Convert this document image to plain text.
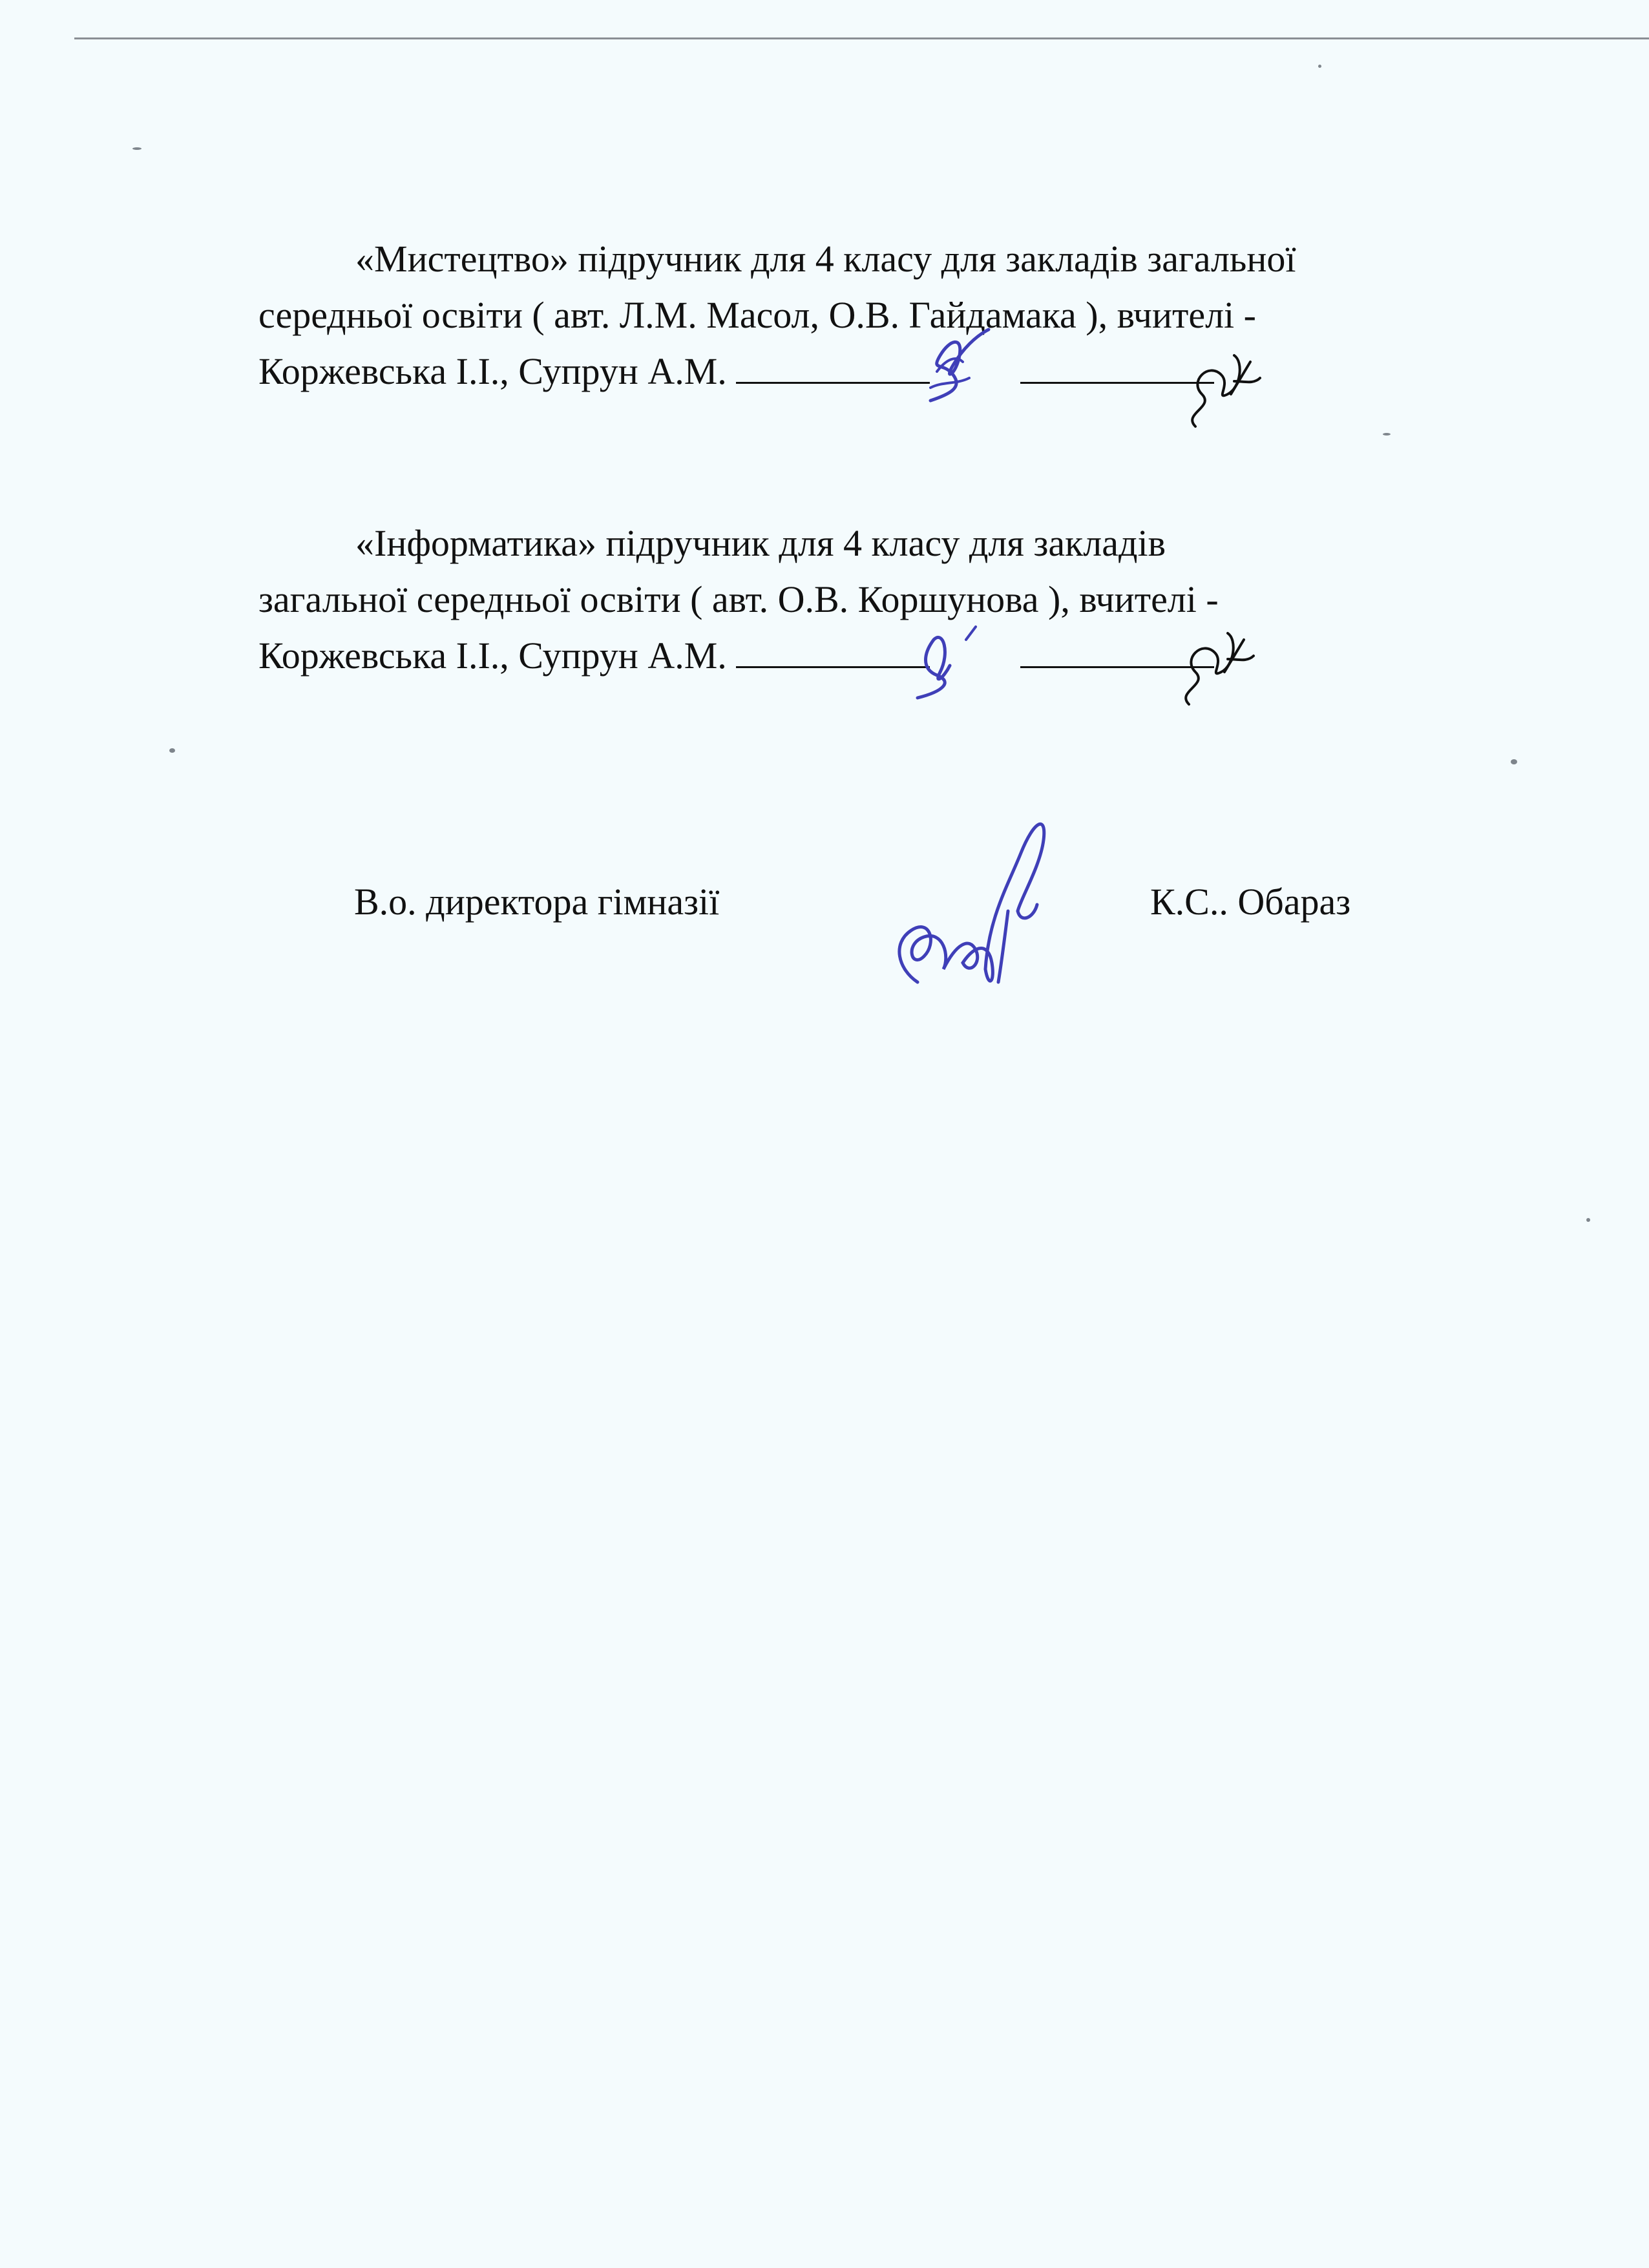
«Мистецтво» підручник для 4 класу для закладів загальної
середньої освіти ( авт. Л.М. Масол, О.В. Гайдамака ), вчителі -
Коржевська І.І., Супрун А.М.

«Інформатика» підручник для 4 класу для закладів
загальної середньої освіти ( авт. О.В. Коршунова ), вчителі -
Коржевська І.І., Супрун А.М.

В.о. директора гімназії	К.С.. Обараз
